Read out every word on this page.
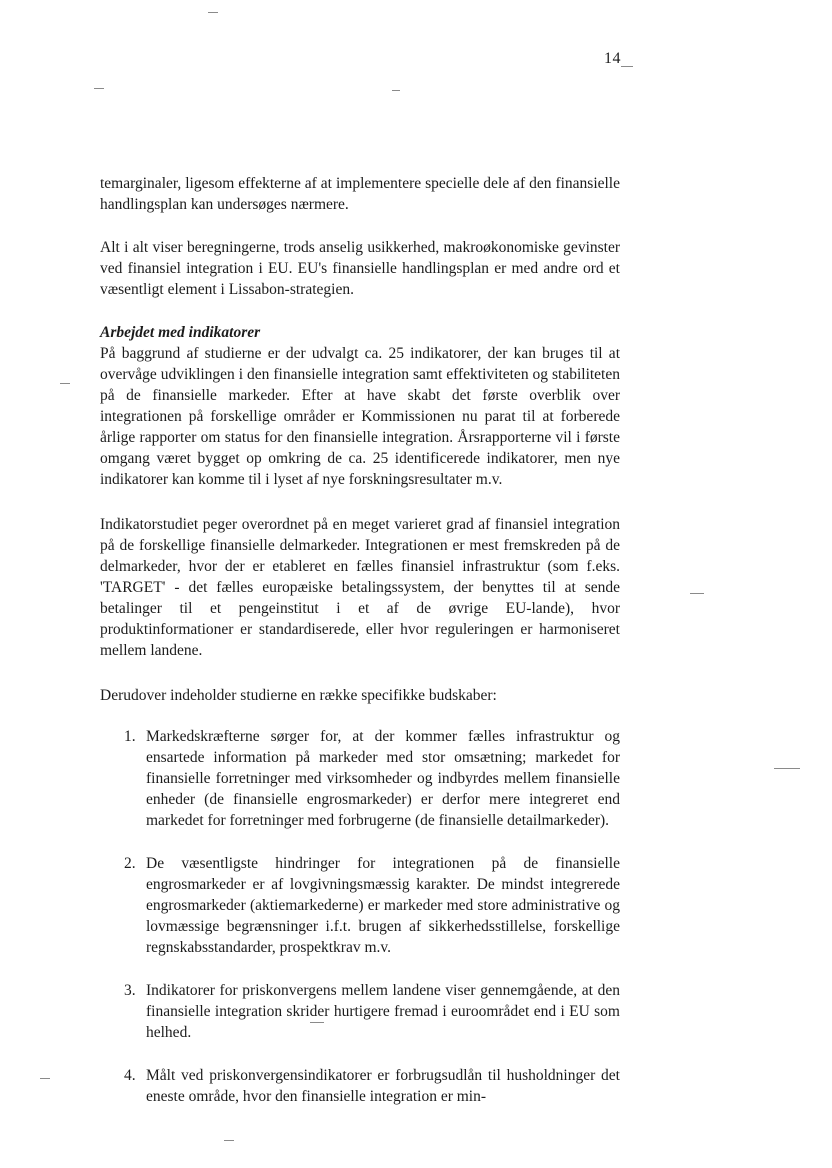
14

temarginaler, ligesom effekterne af at implementere specielle dele af den finansielle handlingsplan kan undersøges nærmere.

Alt i alt viser beregningerne, trods anselig usikkerhed, makroøkonomiske gevinster ved finansiel integration i EU. EU's finansielle handlingsplan er med andre ord et væsentligt element i Lissabon-strategien.

Arbejdet med indikatorer

På baggrund af studierne er der udvalgt ca. 25 indikatorer, der kan bruges til at overvåge udviklingen i den finansielle integration samt effektiviteten og stabiliteten på de finansielle markeder. Efter at have skabt det første overblik over integrationen på forskellige områder er Kommissionen nu parat til at forberede årlige rapporter om status for den finansielle integration. Årsrapporterne vil i første omgang været bygget op omkring de ca. 25 identificerede indikatorer, men nye indikatorer kan komme til i lyset af nye forskningsresultater m.v.

Indikatorstudiet peger overordnet på en meget varieret grad af finansiel integration på de forskellige finansielle delmarkeder. Integrationen er mest fremskreden på de delmarkeder, hvor der er etableret en fælles finansiel infrastruktur (som f.eks. 'TARGET' - det fælles europæiske betalingssystem, der benyttes til at sende betalinger til et pengeinstitut i et af de øvrige EU-lande), hvor produktinformationer er standardiserede, eller hvor reguleringen er harmoniseret mellem landene.

Derudover indeholder studierne en række specifikke budskaber:

1. Markedskræfterne sørger for, at der kommer fælles infrastruktur og ensartede information på markeder med stor omsætning; markedet for finansielle forretninger med virksomheder og indbyrdes mellem finansielle enheder (de finansielle engrosmarkeder) er derfor mere integreret end markedet for forretninger med forbrugerne (de finansielle detailmarkeder).
2. De væsentligste hindringer for integrationen på de finansielle engrosmarkeder er af lovgivningsmæssig karakter. De mindst integrerede engrosmarkeder (aktiemarkederne) er markeder med store administrative og lovmæssige begrænsninger i.f.t. brugen af sikkerhedsstillelse, forskellige regnskabsstandarder, prospektkrav m.v.
3. Indikatorer for priskonvergens mellem landene viser gennemgående, at den finansielle integration skrider hurtigere fremad i euroområdet end i EU som helhed.
4. Målt ved priskonvergensindikatorer er forbrugsudlån til husholdninger det eneste område, hvor den finansielle integration er min-
